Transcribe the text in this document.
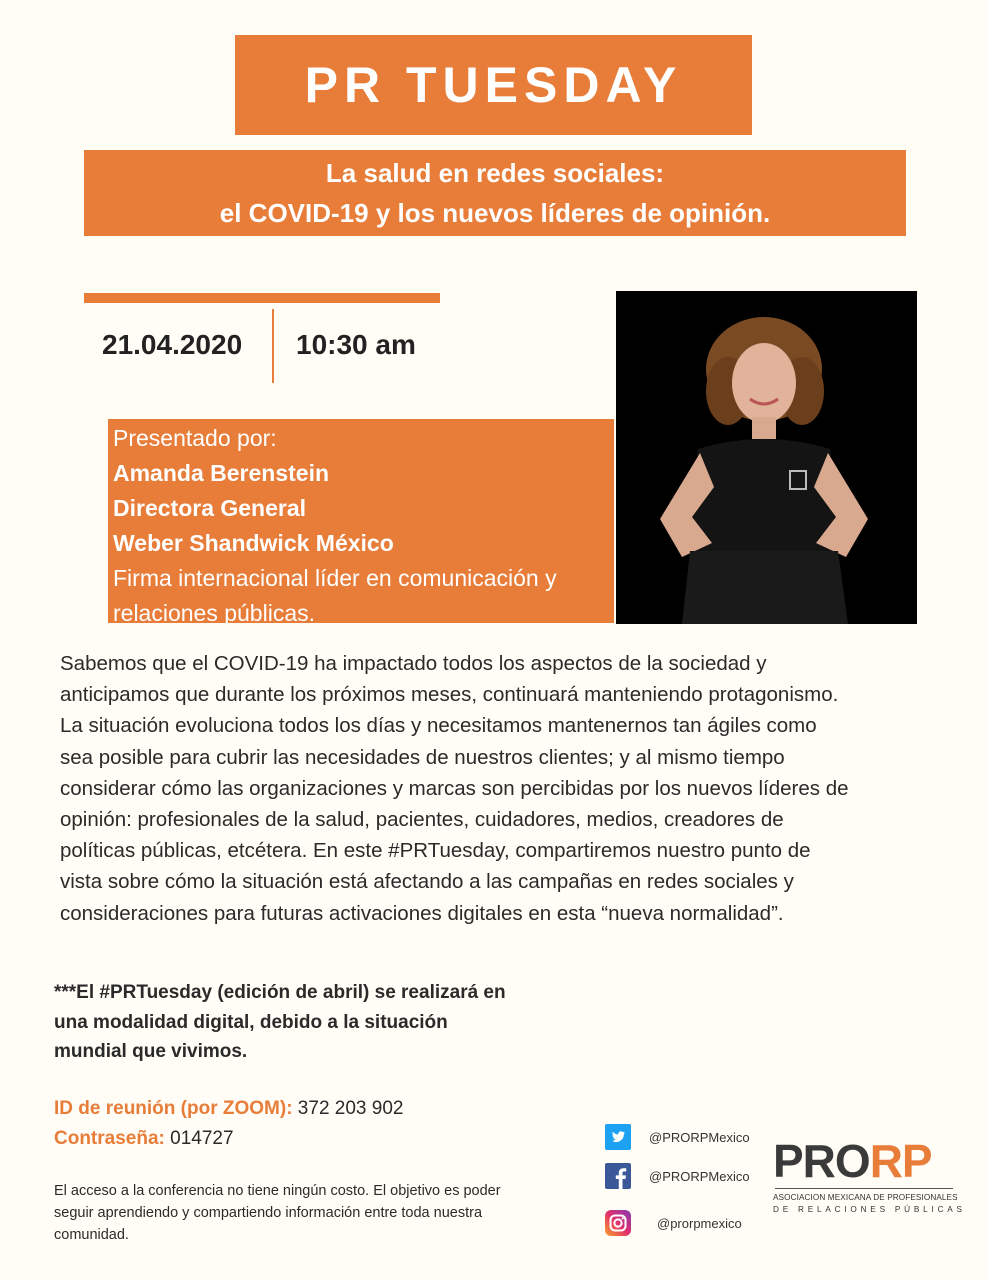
PR TUESDAY
La salud en redes sociales:
el COVID-19 y los nuevos líderes de opinión.
21.04.2020 10:30 am
Presentado por:
Amanda Berenstein
Directora General
Weber Shandwick México
Firma internacional líder en comunicación y
relaciones públicas.

Sabemos que el COVID-19 ha impactado todos los aspectos de la sociedad y

anticipamos que durante los próximos meses, continuará manteniendo protagonismo.

La situación evoluciona todos los días y necesitamos mantenernos tan ágiles como

sea posible para cubrir las necesidades de nuestros clientes; y al mismo tiempo

considerar cómo las organizaciones y marcas son percibidas por los nuevos líderes de

opinión: profesionales de la salud, pacientes, cuidadores, medios, creadores de

políticas públicas, etcétera. En este #PRTuesday, compartiremos nuestro punto de

vista sobre cómo la situación está afectando a las campañas en redes sociales y

consideraciones para futuras activaciones digitales en esta “nueva normalidad”.

***El #PRTuesday (edición de abril) se realizará en
una modalidad digital, debido a la situación
mundial que vivimos.
ID de reunión (por ZOOM): 372 203 902
Contraseña: 014727
El acceso a la conferencia no tiene ningún costo. El objetivo es poder
seguir aprendiendo y compartiendo información entre toda nuestra
comunidad.
@PRORPMexico
@PRORPMexico
@prorpmexico
PRORP
ASOCIACION MEXICANA DE PROFESIONALES
DE RELACIONES PÚBLICAS
